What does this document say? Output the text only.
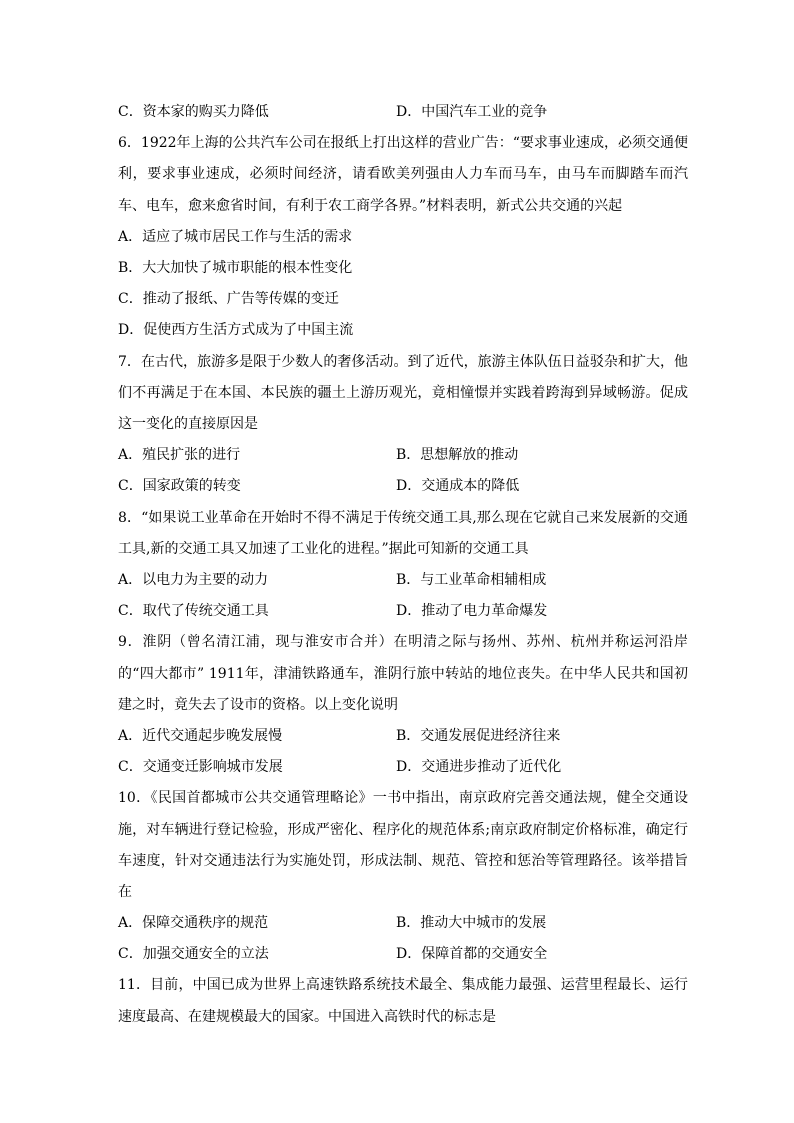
C．资本家的购买力降低	D．中国汽车工业的竞争
6．1922年上海的公共汽车公司在报纸上打出这样的营业广告：“要求事业速成，必须交通便利，要求事业速成，必须时间经济，请看欧美列强由人力车而马车，由马车而脚踏车而汽车、电车，愈来愈省时间，有利于农工商学各界。”材料表明，新式公共交通的兴起
A．适应了城市居民工作与生活的需求
B．大大加快了城市职能的根本性变化
C．推动了报纸、广告等传媒的变迁
D．促使西方生活方式成为了中国主流
7．在古代，旅游多是限于少数人的奢侈活动。到了近代，旅游主体队伍日益驳杂和扩大，他们不再满足于在本国、本民族的疆土上游历观光，竟相憧憬并实践着跨海到异域畅游。促成这一变化的直接原因是
A．殖民扩张的进行	B．思想解放的推动
C．国家政策的转变	D．交通成本的降低
8．“如果说工业革命在开始时不得不满足于传统交通工具,那么现在它就自己来发展新的交通工具,新的交通工具又加速了工业化的进程。”据此可知新的交通工具
A．以电力为主要的动力	B．与工业革命相辅相成
C．取代了传统交通工具	D．推动了电力革命爆发
9．淮阴（曾名清江浦，现与淮安市合并）在明清之际与扬州、苏州、杭州并称运河沿岸的“四大都市” 1911年，津浦铁路通车，淮阴行旅中转站的地位丧失。在中华人民共和国初建之时，竟失去了设市的资格。以上变化说明
A．近代交通起步晚发展慢	B．交通发展促进经济往来
C．交通变迁影响城市发展	D．交通进步推动了近代化
10．《民国首都城市公共交通管理略论》一书中指出，南京政府完善交通法规，健全交通设施，对车辆进行登记检验，形成严密化、程序化的规范体系;南京政府制定价格标准，确定行车速度，针对交通违法行为实施处罚，形成法制、规范、管控和惩治等管理路径。该举措旨在
A．保障交通秩序的规范	B．推动大中城市的发展
C．加强交通安全的立法	D．保障首都的交通安全
11．目前，中国已成为世界上高速铁路系统技术最全、集成能力最强、运营里程最长、运行速度最高、在建规模最大的国家。中国进入高铁时代的标志是
